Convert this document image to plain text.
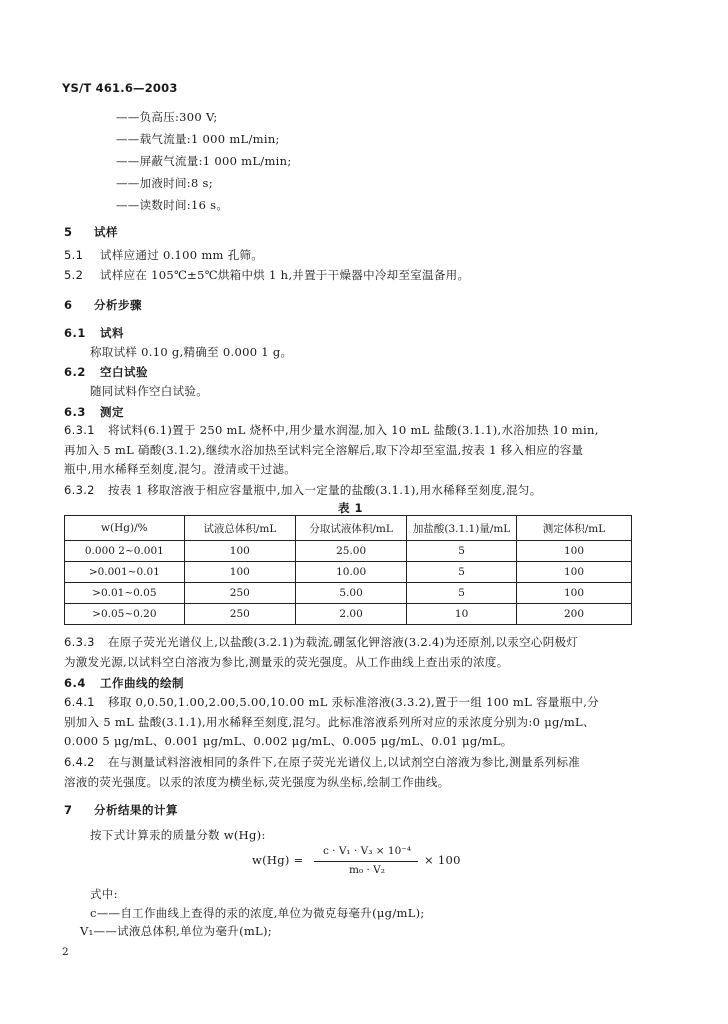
YS/T 461.6—2003
——负高压:300 V;
——载气流量:1 000 mL/min;
——屏蔽气流量:1 000 mL/min;
——加液时间:8 s;
——读数时间:16 s。
5 试样
5.1 试样应通过 0.100 mm 孔筛。
5.2 试样应在 105℃±5℃烘箱中烘 1 h,并置于干燥器中冷却至室温备用。
6 分析步骤
6.1 试料
称取试样 0.10 g,精确至 0.000 1 g。
6.2 空白试验
随同试料作空白试验。
6.3 测定
6.3.1 将试料(6.1)置于 250 mL 烧杯中,用少量水润湿,加入 10 mL 盐酸(3.1.1),水浴加热 10 min,
再加入 5 mL 硝酸(3.1.2),继续水浴加热至试料完全溶解后,取下冷却至室温,按表 1 移入相应的容量
瓶中,用水稀释至刻度,混匀。澄清或干过滤。
6.3.2 按表 1 移取溶液于相应容量瓶中,加入一定量的盐酸(3.1.1),用水稀释至刻度,混匀。
表 1
w(Hg)/%	试液总体积/mL	分取试液体积/mL	加盐酸(3.1.1)量/mL	测定体积/mL
0.000 2~0.001	100	25.00	5	100
>0.001~0.01	100	10.00	5	100
>0.01~0.05	250	5.00	5	100
>0.05~0.20	250	2.00	10	200
6.3.3 在原子荧光光谱仪上,以盐酸(3.2.1)为载流,硼氢化钾溶液(3.2.4)为还原剂,以汞空心阴极灯
为激发光源,以试料空白溶液为参比,测量汞的荧光强度。从工作曲线上查出汞的浓度。
6.4 工作曲线的绘制
6.4.1 移取 0,0.50,1.00,2.00,5.00,10.00 mL 汞标准溶液(3.3.2),置于一组 100 mL 容量瓶中,分
别加入 5 mL 盐酸(3.1.1),用水稀释至刻度,混匀。此标准溶液系列所对应的汞浓度分别为:0 μg/mL、
0.000 5 μg/mL、0.001 μg/mL、0.002 μg/mL、0.005 μg/mL、0.01 μg/mL。
6.4.2 在与测量试料溶液相同的条件下,在原子荧光光谱仪上,以试剂空白溶液为参比,测量系列标准
溶液的荧光强度。以汞的浓度为横坐标,荧光强度为纵坐标,绘制工作曲线。
7 分析结果的计算
按下式计算汞的质量分数 w(Hg):
w(Hg) =
c · V₁ · V₃ × 10⁻⁴
m₀ · V₂
× 100
式中:
c——自工作曲线上查得的汞的浓度,单位为微克每毫升(μg/mL);
V₁——试液总体积,单位为毫升(mL);
2
